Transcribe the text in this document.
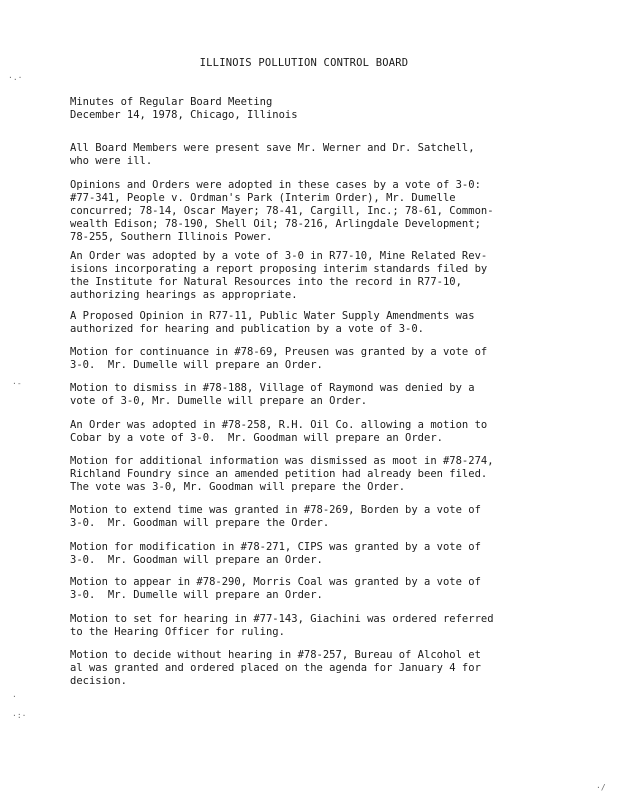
·.·
·-
·
·:·
·/
ILLINOIS POLLUTION CONTROL BOARD
Minutes of Regular Board Meeting
December 14, 1978, Chicago, Illinois
All Board Members were present save Mr. Werner and Dr. Satchell,
who were ill.
Opinions and Orders were adopted in these cases by a vote of 3-0:
#77-341, People v. Ordman's Park (Interim Order), Mr. Dumelle
concurred; 78-14, Oscar Mayer; 78-41, Cargill, Inc.; 78-61, Common-
wealth Edison; 78-190, Shell Oil; 78-216, Arlingdale Development;
78-255, Southern Illinois Power.
An Order was adopted by a vote of 3-0 in R77-10, Mine Related Rev-
isions incorporating a report proposing interim standards filed by
the Institute for Natural Resources into the record in R77-10,
authorizing hearings as appropriate.
A Proposed Opinion in R77-11, Public Water Supply Amendments was
authorized for hearing and publication by a vote of 3-0.
Motion for continuance in #78-69, Preusen was granted by a vote of
3-0.  Mr. Dumelle will prepare an Order.
Motion to dismiss in #78-188, Village of Raymond was denied by a
vote of 3-0, Mr. Dumelle will prepare an Order.
An Order was adopted in #78-258, R.H. Oil Co. allowing a motion to
Cobar by a vote of 3-0.  Mr. Goodman will prepare an Order.
Motion for additional information was dismissed as moot in #78-274,
Richland Foundry since an amended petition had already been filed.
The vote was 3-0, Mr. Goodman will prepare the Order.
Motion to extend time was granted in #78-269, Borden by a vote of
3-0.  Mr. Goodman will prepare the Order.
Motion for modification in #78-271, CIPS was granted by a vote of
3-0.  Mr. Goodman will prepare an Order.
Motion to appear in #78-290, Morris Coal was granted by a vote of
3-0.  Mr. Dumelle will prepare an Order.
Motion to set for hearing in #77-143, Giachini was ordered referred
to the Hearing Officer for ruling.
Motion to decide without hearing in #78-257, Bureau of Alcohol et
al was granted and ordered placed on the agenda for January 4 for
decision.
